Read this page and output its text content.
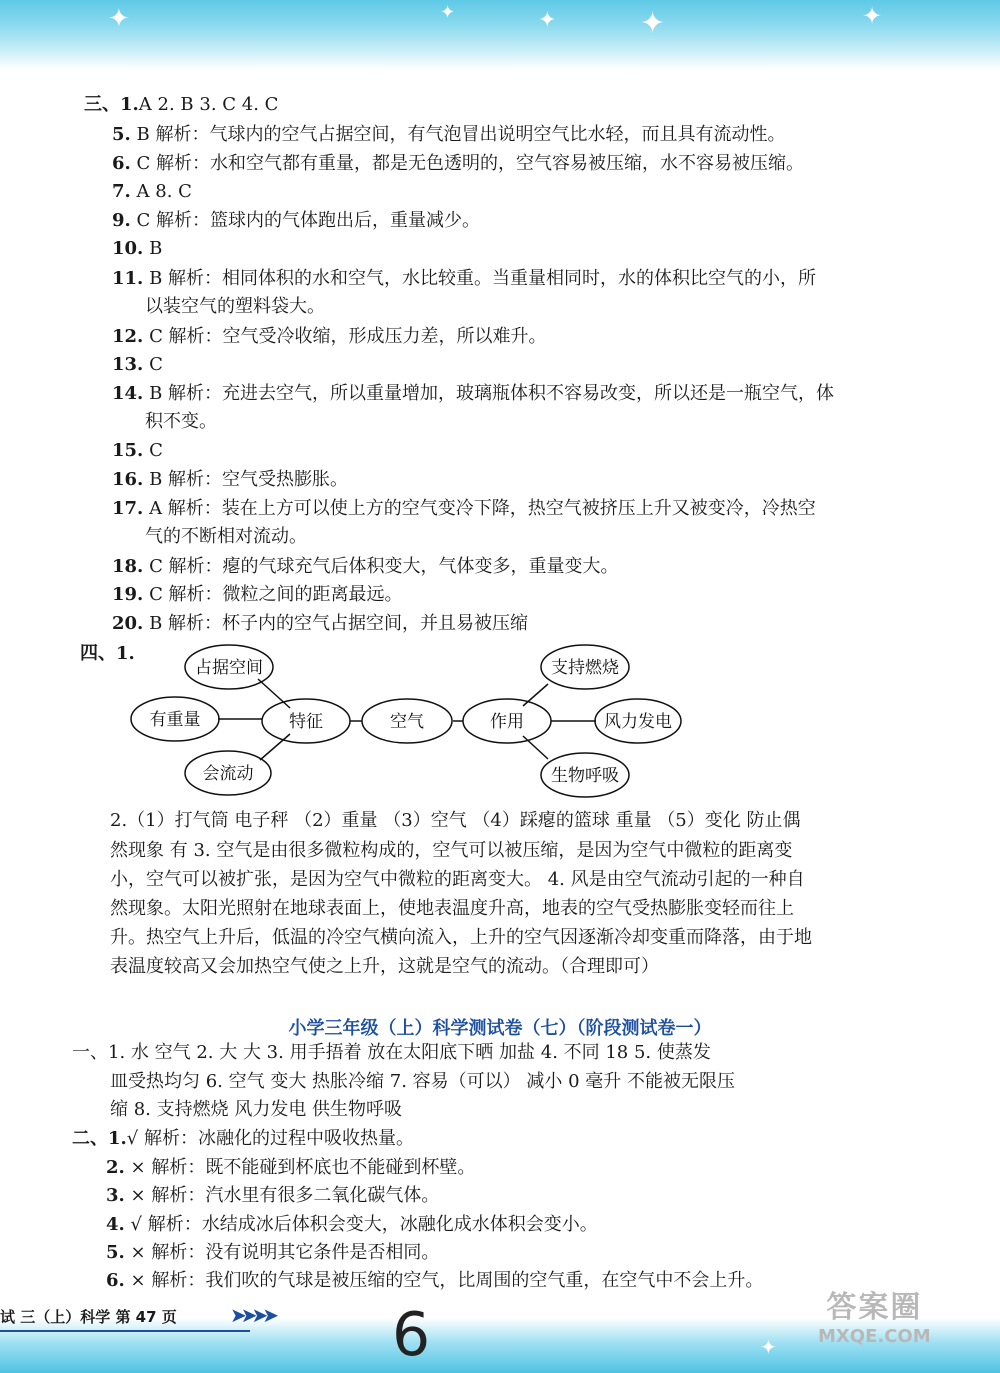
✦	✦	✦	✦	✦
三、1.A 2. B 3. C 4. C
5. B 解析：气球内的空气占据空间，有气泡冒出说明空气比水轻，而且具有流动性。
6. C 解析：水和空气都有重量，都是无色透明的，空气容易被压缩，水不容易被压缩。
7. A 8. C
9. C 解析：篮球内的气体跑出后，重量减少。
10. B
11. B 解析：相同体积的水和空气，水比较重。当重量相同时，水的体积比空气的小，所
以装空气的塑料袋大。
12. C 解析：空气受冷收缩，形成压力差，所以难升。
13. C
14. B 解析：充进去空气，所以重量增加，玻璃瓶体积不容易改变，所以还是一瓶空气，体
积不变。
15. C
16. B 解析：空气受热膨胀。
17. A 解析：装在上方可以使上方的空气变冷下降，热空气被挤压上升又被变冷，冷热空
气的不断相对流动。
18. C 解析：瘪的气球充气后体积变大，气体变多，重量变大。
19. C 解析：微粒之间的距离最远。
20. B 解析：杯子内的空气占据空间，并且易被压缩
四、1.
占据空间
有重量
会流动
特征	空气	作用
支持燃烧
风力发电
生物呼吸
2.（1）打气筒 电子秤 （2）重量 （3）空气 （4）踩瘪的篮球 重量 （5）变化 防止偶
然现象 有 3. 空气是由很多微粒构成的，空气可以被压缩，是因为空气中微粒的距离变
小，空气可以被扩张，是因为空气中微粒的距离变大。 4. 风是由空气流动引起的一种自
然现象。太阳光照射在地球表面上，使地表温度升高，地表的空气受热膨胀变轻而往上
升。热空气上升后，低温的冷空气横向流入，上升的空气因逐渐冷却变重而降落，由于地
表温度较高又会加热空气使之上升，这就是空气的流动。（合理即可）
小学三年级（上）科学测试卷（七）（阶段测试卷一）
一、1. 水 空气 2. 大 大 3. 用手捂着 放在太阳底下晒 加盐 4. 不同 18 5. 使蒸发
皿受热均匀 6. 空气 变大 热胀冷缩 7. 容易（可以） 减小 0 毫升 不能被无限压
缩 8. 支持燃烧 风力发电 供生物呼吸
二、1.√ 解析：冰融化的过程中吸收热量。
2. × 解析：既不能碰到杯底也不能碰到杯壁。
3. × 解析：汽水里有很多二氧化碳气体。
4. √ 解析：水结成冰后体积会变大，冰融化成水体积会变小。
5. × 解析：没有说明其它条件是否相同。
6. × 解析：我们吹的气球是被压缩的空气，比周围的空气重，在空气中不会上升。
✦
试 三（上）科学 第 47 页	➤➤➤➤ 6	答案圈
MXQE.COM
